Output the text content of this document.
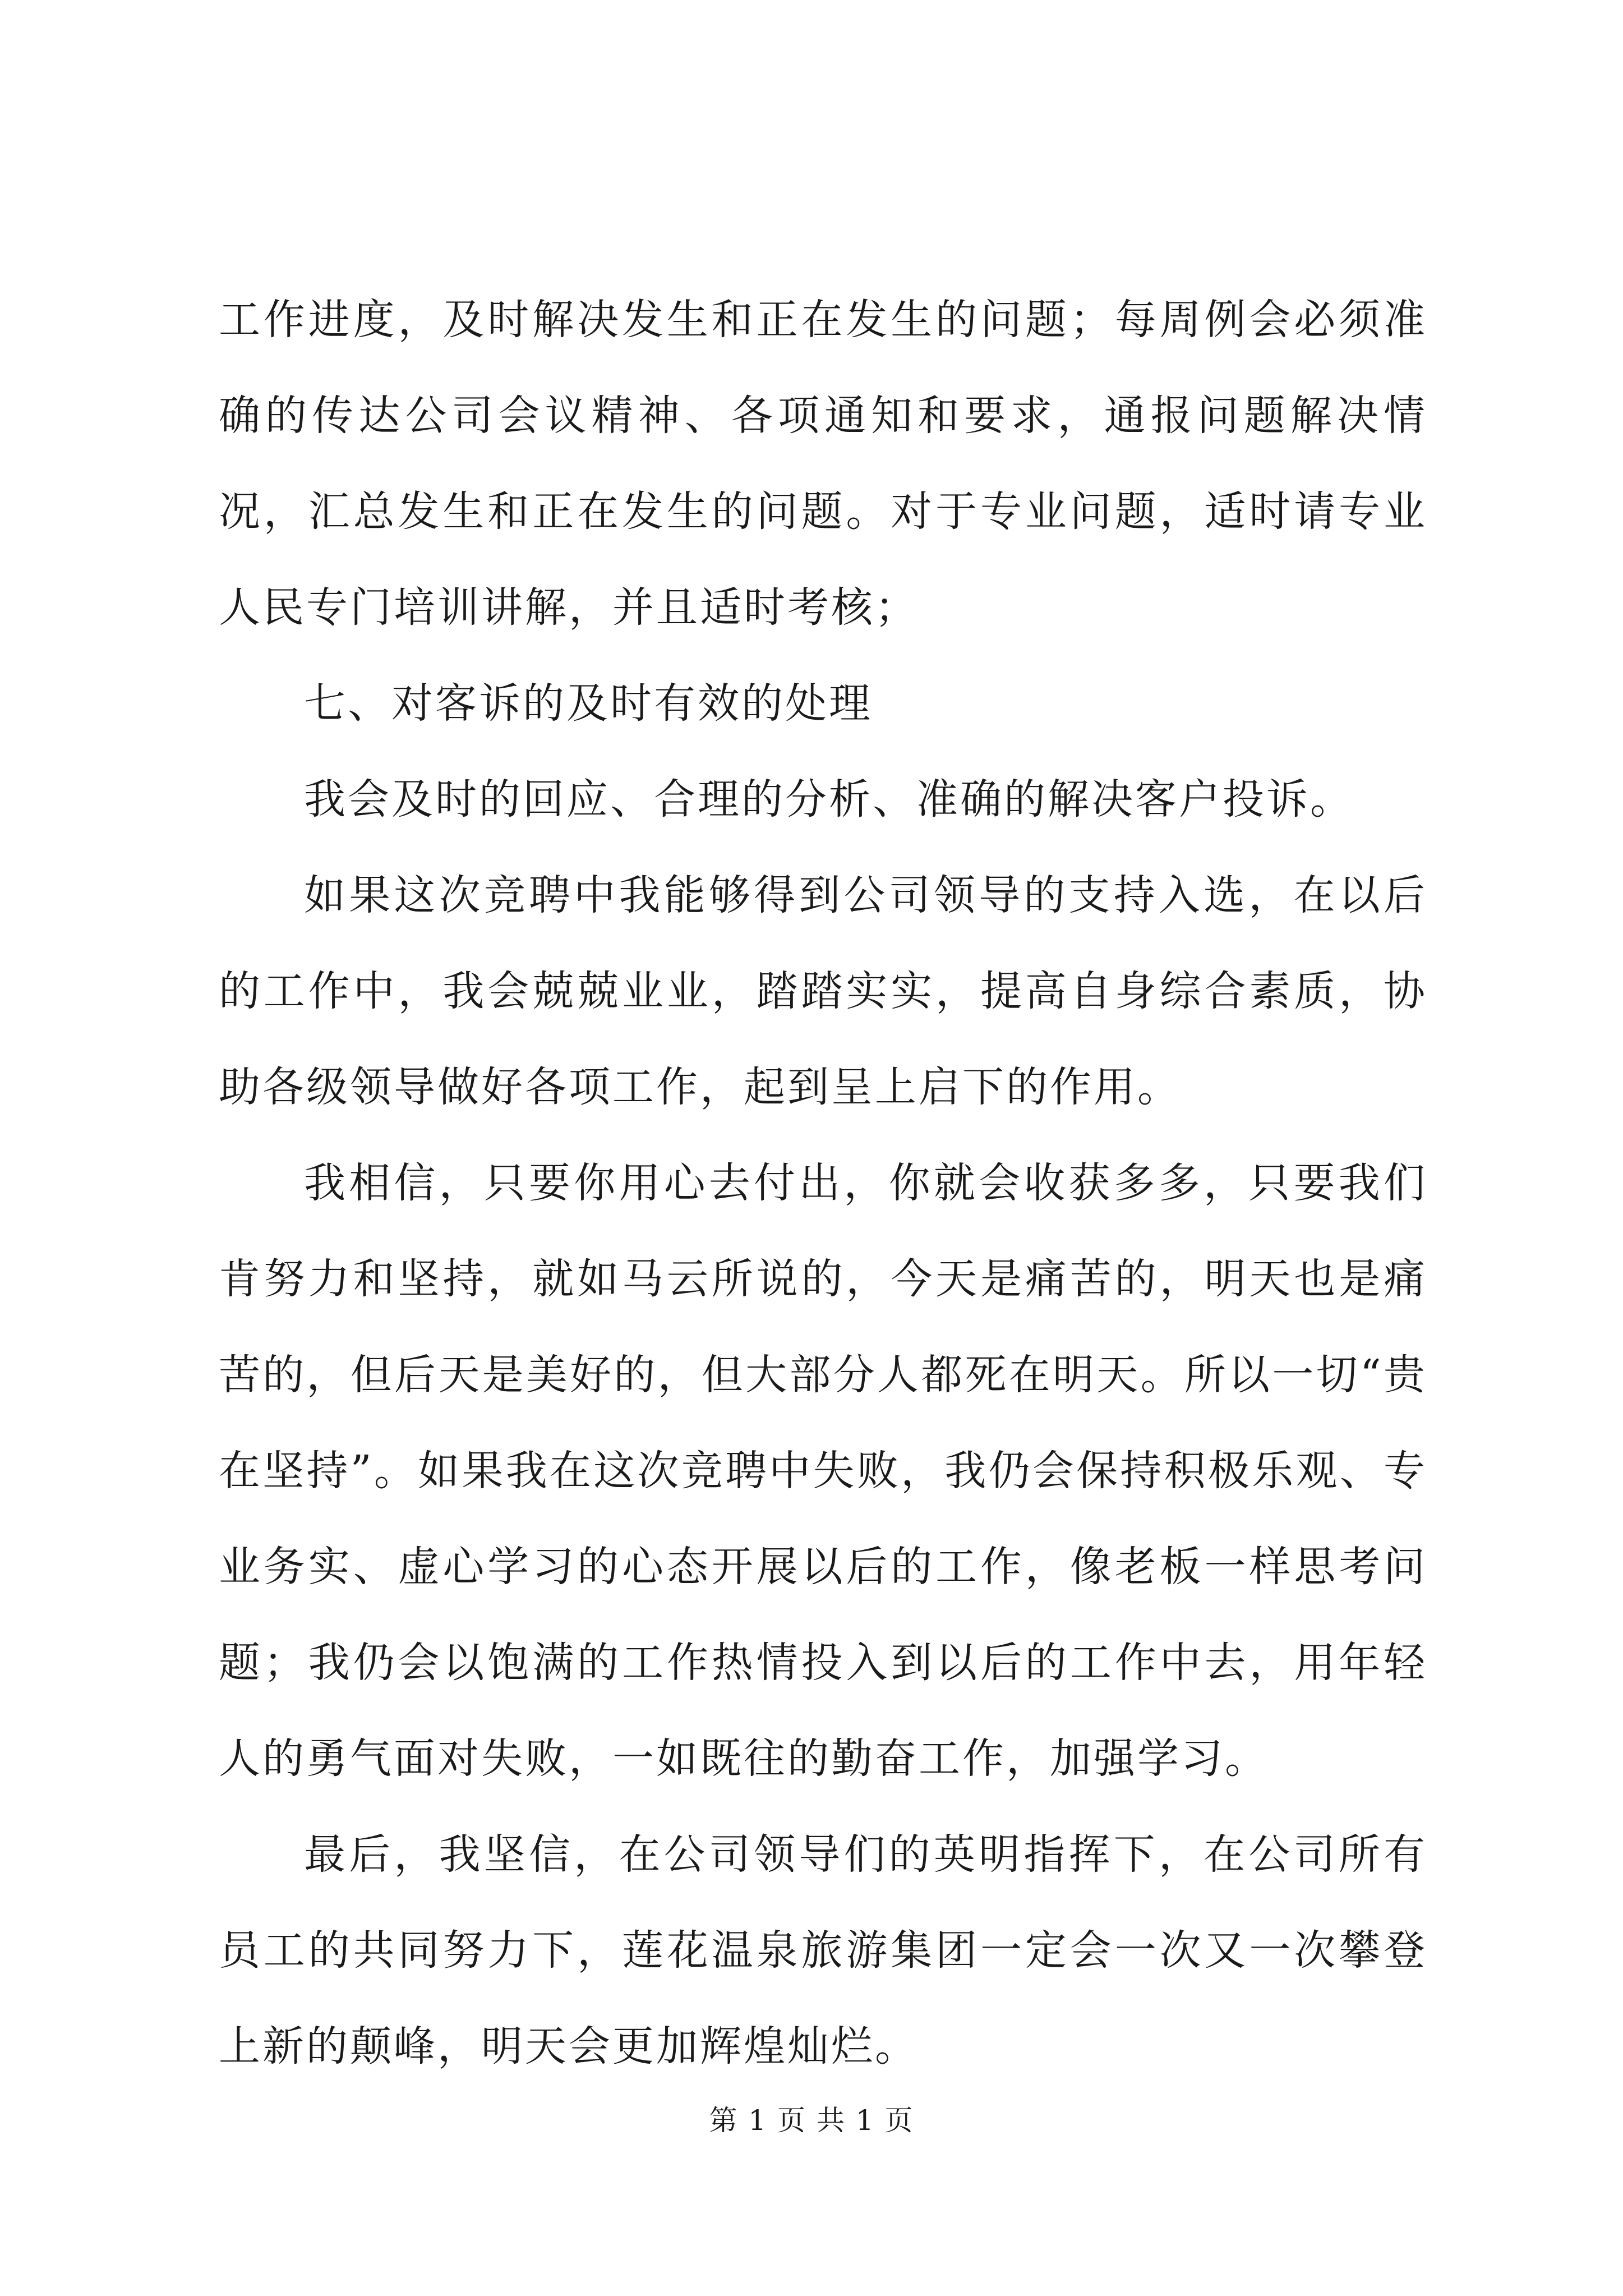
工作进度，及时解决发生和正在发生的问题；每周例会必须准确的传达公司会议精神、各项通知和要求，通报问题解决情况，汇总发生和正在发生的问题。对于专业问题，适时请专业人民专门培训讲解，并且适时考核；

七、对客诉的及时有效的处理

我会及时的回应、合理的分析、准确的解决客户投诉。

如果这次竞聘中我能够得到公司领导的支持入选，在以后的工作中，我会兢兢业业，踏踏实实，提高自身综合素质，协助各级领导做好各项工作，起到呈上启下的作用。

我相信，只要你用心去付出，你就会收获多多，只要我们肯努力和坚持，就如马云所说的，今天是痛苦的，明天也是痛苦的，但后天是美好的，但大部分人都死在明天。所以一切“贵在坚持”。如果我在这次竞聘中失败，我仍会保持积极乐观、专业务实、虚心学习的心态开展以后的工作，像老板一样思考问题；我仍会以饱满的工作热情投入到以后的工作中去，用年轻人的勇气面对失败，一如既往的勤奋工作，加强学习。

最后，我坚信，在公司领导们的英明指挥下，在公司所有员工的共同努力下，莲花温泉旅游集团一定会一次又一次攀登上新的颠峰，明天会更加辉煌灿烂。

第 1 页 共 1 页
